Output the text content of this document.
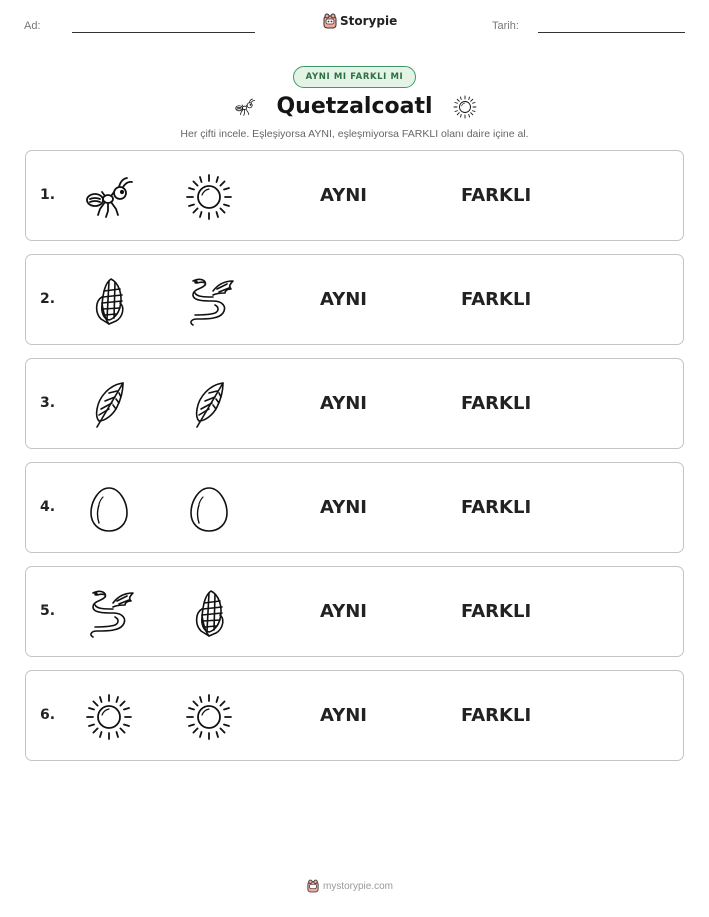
Ad:	Storypie	Tarih:
AYNI MI FARKLI MI
Quetzalcoatl
Her çifti incele. Eşleşiyorsa AYNI, eşleşmiyorsa FARKLI olanı daire içine al.
1.	AYNI	FARKLI
2.	AYNI	FARKLI
3.	AYNI	FARKLI
4.	AYNI	FARKLI
5.	AYNI	FARKLI
6.	AYNI	FARKLI
mystorypie.com
